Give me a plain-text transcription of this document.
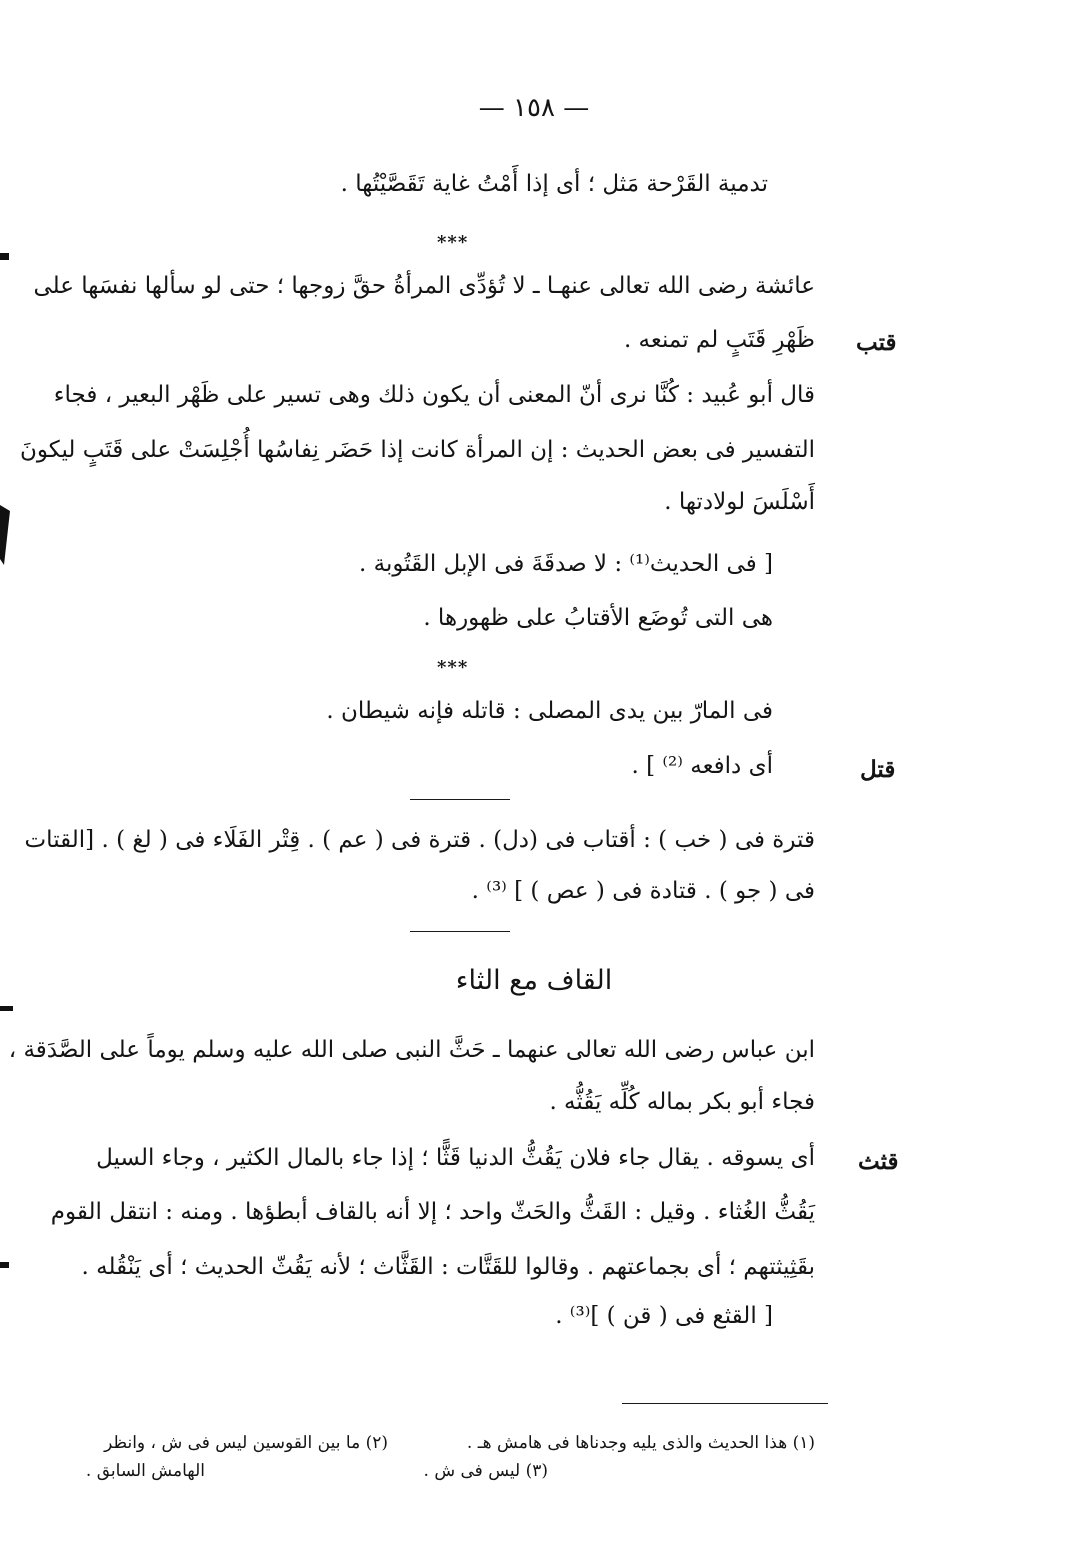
— ١٥٨ —
تدمية القَرْحة مَثل ؛ أى إذا أَمْتُ غاية تَقَصَّيْتُها .
***
عائشة رضى الله تعالى عنهـا ـ لا تُؤدِّى المرأةُ حقَّ زوجها ؛ حتى لو سألها نفسَها على
ظَهْرِ قَتَبٍ لم تمنعه . قتب
قال أبو عُبيد : كُنَّا نرى أنّ المعنى أن يكون ذلك وهى تسير على ظَهْر البعير ، فجاء
التفسير فى بعض الحديث : إن المرأة كانت إذا حَضَر نِفاسُها أُجْلِسَتْ على قَتَبٍ ليكونَ
أَسْلَسَ لولادتها .
[ فى الحديث⁽¹⁾ : لا صدقَةَ فى الإبل القَتُوبة .
هى التى تُوضَع الأقتابُ على ظهورها .
***
فى المارّ بين يدى المصلى : قاتله فإنه شيطان .
أى دافعه ⁽²⁾ ] .	قتل
قترة فى ( خب ) : أقتاب فى (دل) . قترة فى ( عم ) . قِتْر الفَلَاء فى ( لغ ) . [القتات
فى ( جو ) . قتادة فى ( عص ) ] ⁽³⁾ .
القاف مع الثاء
ابن عباس رضى الله تعالى عنهما ـ حَثَّ النبى صلى الله عليه وسلم يوماً على الصَّدَقة ،
فجاء أبو بكر بماله كُلِّه يَقُثُّه .
أى يسوقه . يقال جاء فلان يَقُثُّ الدنيا قَثًّا ؛ إذا جاء بالمال الكثير ، وجاء السيل قثث
يَقُثُّ الغُثاء . وقيل : القَثُّ والحَثّ واحد ؛ إلا أنه بالقاف أبطؤها . ومنه : انتقل القوم
بقَثِيثتهم ؛ أى بجماعتهم . وقالوا للقَتَّات : القَثَّاث ؛ لأنه يَقُثّ الحديث ؛ أى يَنْقُله .
[ القثع فى ( قن ) ]⁽³⁾ .
(١) هذا الحديث والذى يليه وجدناها فى هامش هـ .
(٢) ما بين القوسين ليس فى ش ، وانظر
الهامش السابق .	(٣) ليس فى ش .
